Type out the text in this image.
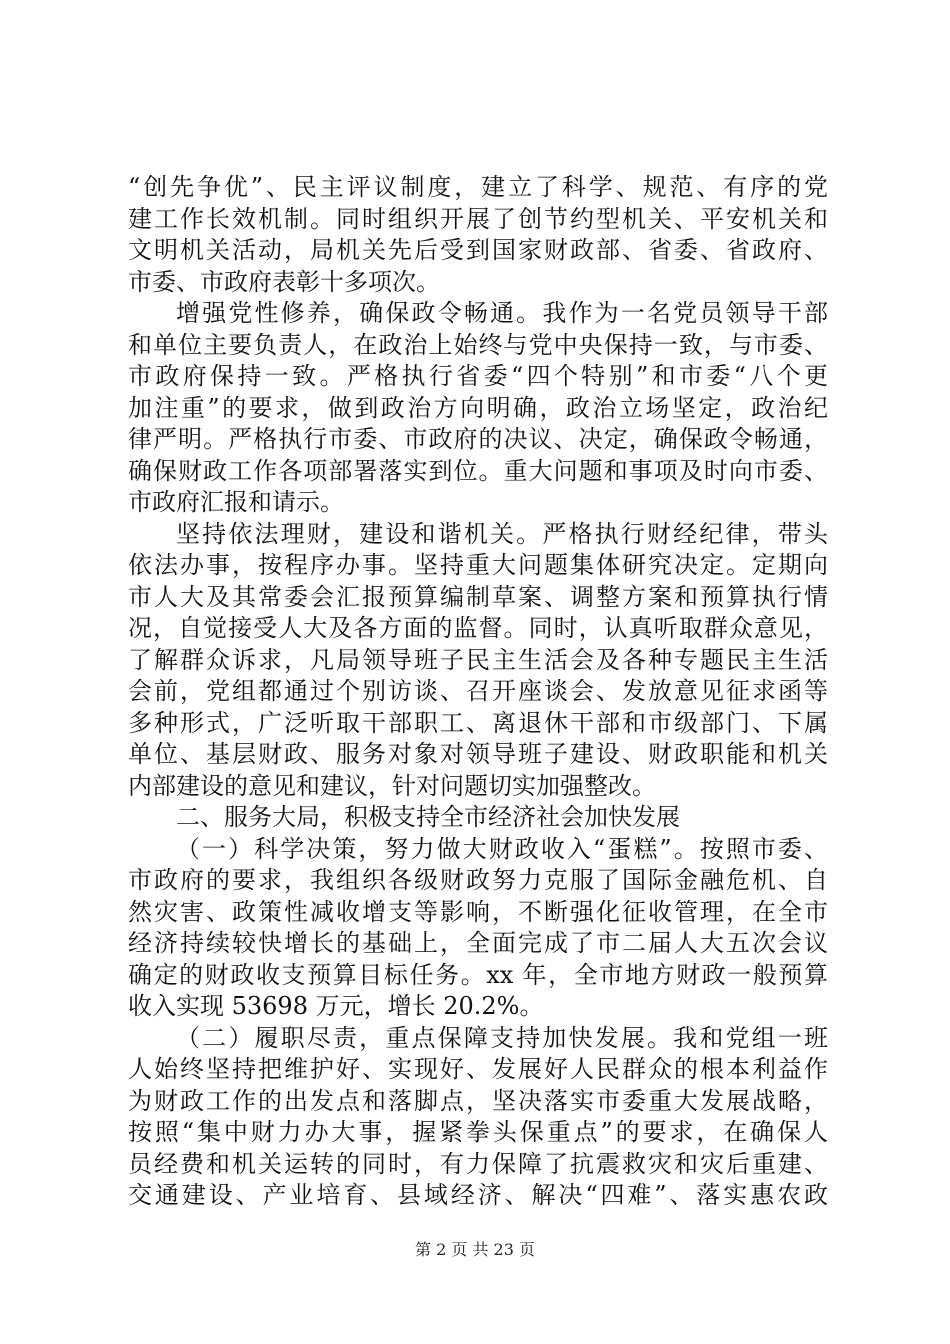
“创先争优”、民主评议制度，建立了科学、规范、有序的党
建工作长效机制。同时组织开展了创节约型机关、平安机关和
文明机关活动，局机关先后受到国家财政部、省委、省政府、
市委、市政府表彰十多项次。
增强党性修养，确保政令畅通。我作为一名党员领导干部
和单位主要负责人，在政治上始终与党中央保持一致，与市委、
市政府保持一致。严格执行省委“四个特别”和市委“八个更
加注重”的要求，做到政治方向明确，政治立场坚定，政治纪
律严明。严格执行市委、市政府的决议、决定，确保政令畅通，
确保财政工作各项部署落实到位。重大问题和事项及时向市委、
市政府汇报和请示。
坚持依法理财，建设和谐机关。严格执行财经纪律，带头
依法办事，按程序办事。坚持重大问题集体研究决定。定期向
市人大及其常委会汇报预算编制草案、调整方案和预算执行情
况，自觉接受人大及各方面的监督。同时，认真听取群众意见，
了解群众诉求，凡局领导班子民主生活会及各种专题民主生活
会前，党组都通过个别访谈、召开座谈会、发放意见征求函等
多种形式，广泛听取干部职工、离退休干部和市级部门、下属
单位、基层财政、服务对象对领导班子建设、财政职能和机关
内部建设的意见和建议，针对问题切实加强整改。
二、服务大局，积极支持全市经济社会加快发展
（一）科学决策，努力做大财政收入“蛋糕”。按照市委、
市政府的要求，我组织各级财政努力克服了国际金融危机、自
然灾害、政策性减收增支等影响，不断强化征收管理，在全市
经济持续较快增长的基础上，全面完成了市二届人大五次会议
确定的财政收支预算目标任务。xx 年，全市地方财政一般预算
收入实现 53698 万元，增长 20.2%。
（二）履职尽责，重点保障支持加快发展。我和党组一班
人始终坚持把维护好、实现好、发展好人民群众的根本利益作
为财政工作的出发点和落脚点，坚决落实市委重大发展战略，
按照“集中财力办大事，握紧拳头保重点”的要求，在确保人
员经费和机关运转的同时，有力保障了抗震救灾和灾后重建、
交通建设、产业培育、县域经济、解决“四难”、落实惠农政
第 2 页 共 23 页
